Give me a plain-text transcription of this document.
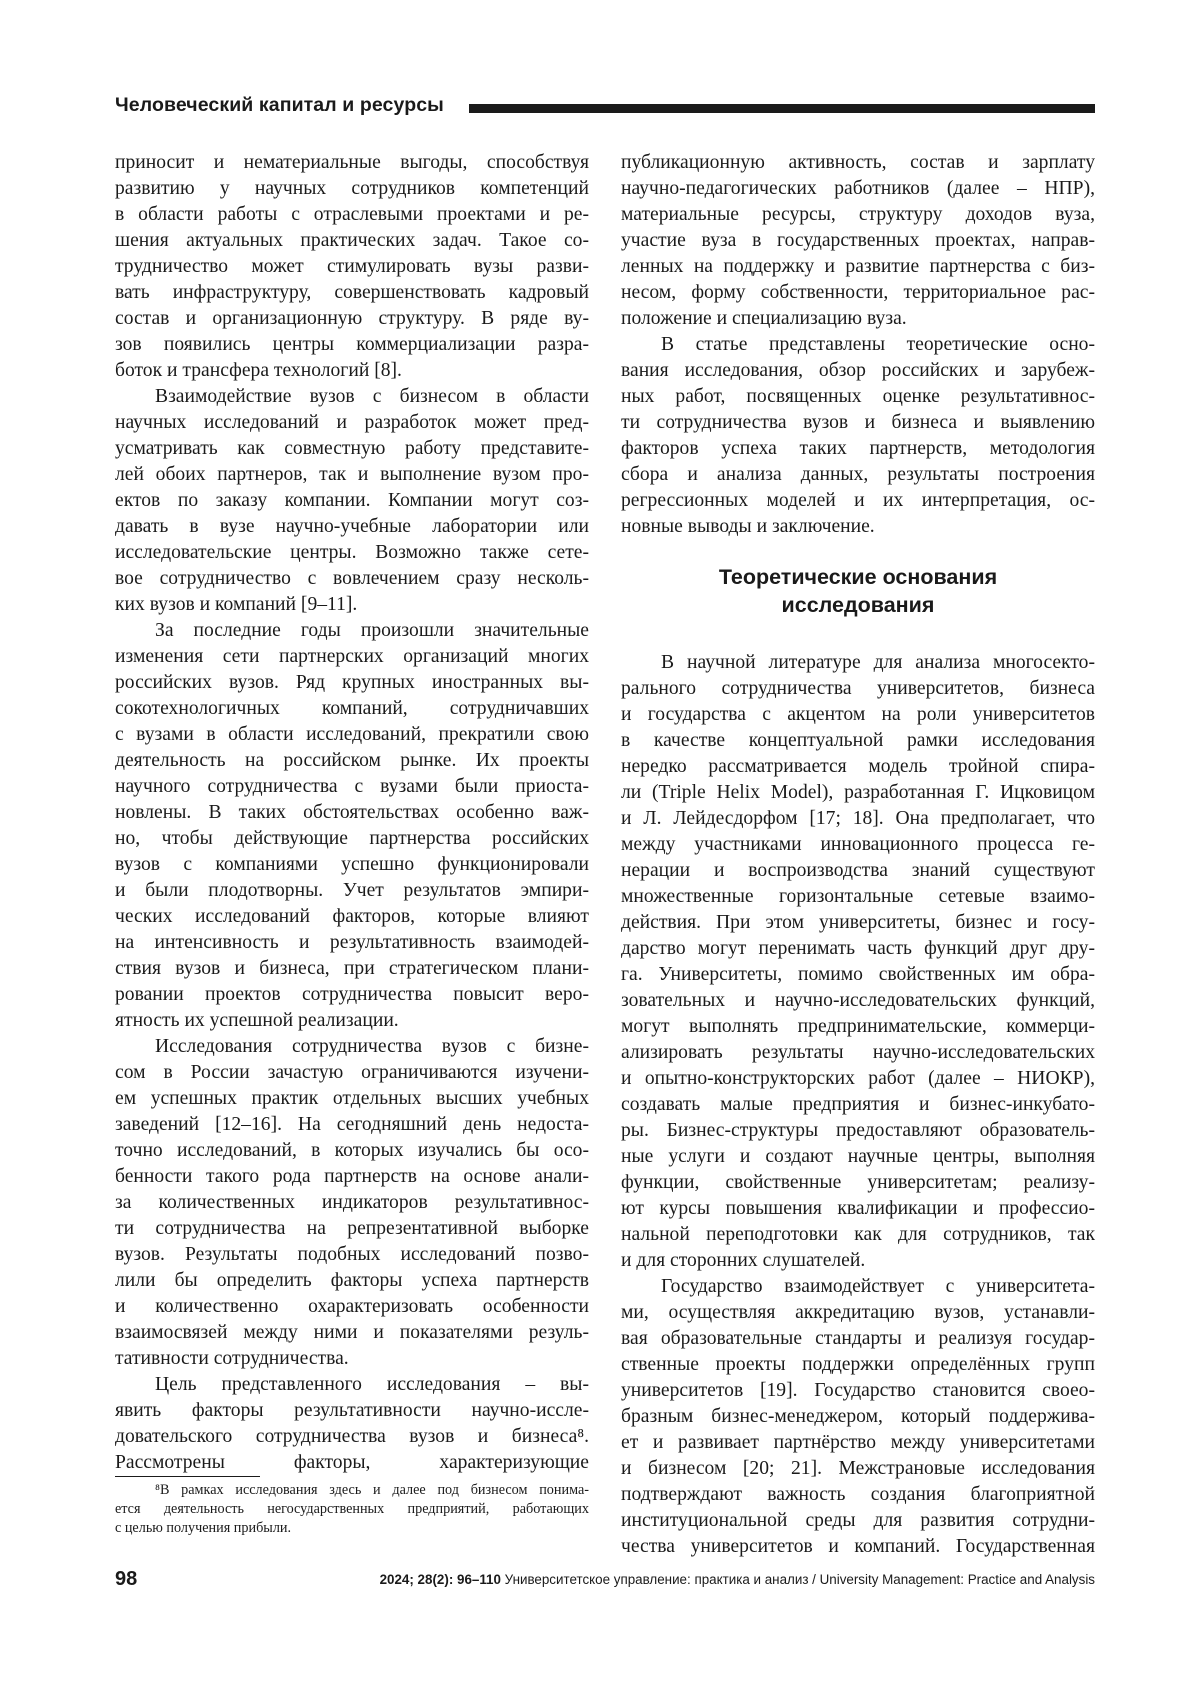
Человеческий капитал и ресурсы

приносит и нематериальные выгоды, способствуя
развитию у научных сотрудников компетенций
в области работы с отраслевыми проектами и ре-
шения актуальных практических задач. Такое со-
трудничество может стимулировать вузы разви-
вать инфраструктуру, совершенствовать кадровый
состав и организационную структуру. В ряде ву-
зов появились центры коммерциализации разра-
боток и трансфера технологий [8].

Взаимодействие вузов с бизнесом в области
научных исследований и разработок может пред-
усматривать как совместную работу представите-
лей обоих партнеров, так и выполнение вузом про-
ектов по заказу компании. Компании могут соз-
давать в вузе научно-учебные лаборатории или
исследовательские центры. Возможно также сете-
вое сотрудничество с вовлечением сразу несколь-
ких вузов и компаний [9–11].

За последние годы произошли значительные
изменения сети партнерских организаций многих
российских вузов. Ряд крупных иностранных вы-
сокотехнологичных компаний, сотрудничавших
с вузами в области исследований, прекратили свою
деятельность на российском рынке. Их проекты
научного сотрудничества с вузами были приоста-
новлены. В таких обстоятельствах особенно важ-
но, чтобы действующие партнерства российских
вузов с компаниями успешно функционировали
и были плодотворны. Учет результатов эмпири-
ческих исследований факторов, которые влияют
на интенсивность и результативность взаимодей-
ствия вузов и бизнеса, при стратегическом плани-
ровании проектов сотрудничества повысит веро-
ятность их успешной реализации.

Исследования сотрудничества вузов с бизне-
сом в России зачастую ограничиваются изучени-
ем успешных практик отдельных высших учебных
заведений [12–16]. На сегодняшний день недоста-
точно исследований, в которых изучались бы осо-
бенности такого рода партнерств на основе анали-
за количественных индикаторов результативнос-
ти сотрудничества на репрезентативной выборке
вузов. Результаты подобных исследований позво-
лили бы определить факторы успеха партнерств
и количественно охарактеризовать особенности
взаимосвязей между ними и показателями резуль-
тативности сотрудничества.

Цель представленного исследования – вы-
явить факторы результативности научно-иссле-
довательского сотрудничества вузов и бизнеса⁸.
Рассмотрены факторы, характеризующие

публикационную активность, состав и зарплату
научно-педагогических работников (далее – НПР),
материальные ресурсы, структуру доходов вуза,
участие вуза в государственных проектах, направ-
ленных на поддержку и развитие партнерства с биз-
несом, форму собственности, территориальное рас-
положение и специализацию вуза.

В статье представлены теоретические осно-
вания исследования, обзор российских и зарубеж-
ных работ, посвященных оценке результативнос-
ти сотрудничества вузов и бизнеса и выявлению
факторов успеха таких партнерств, методология
сбора и анализа данных, результаты построения
регрессионных моделей и их интерпретация, ос-
новные выводы и заключение.

Теоретические основания
исследования

В научной литературе для анализа многосекто-
рального сотрудничества университетов, бизнеса
и государства с акцентом на роли университетов
в качестве концептуальной рамки исследования
нередко рассматривается модель тройной спира-
ли (Triple Helix Model), разработанная Г. Ицковицом
и Л. Лейдесдорфом [17; 18]. Она предполагает, что
между участниками инновационного процесса ге-
нерации и воспроизводства знаний существуют
множественные горизонтальные сетевые взаимо-
действия. При этом университеты, бизнес и госу-
дарство могут перенимать часть функций друг дру-
га. Университеты, помимо свойственных им обра-
зовательных и научно-исследовательских функций,
могут выполнять предпринимательские, коммерци-
ализировать результаты научно-исследовательских
и опытно-конструкторских работ (далее – НИОКР),
создавать малые предприятия и бизнес-инкубато-
ры. Бизнес-структуры предоставляют образователь-
ные услуги и создают научные центры, выполняя
функции, свойственные университетам; реализу-
ют курсы повышения квалификации и профессио-
нальной переподготовки как для сотрудников, так
и для сторонних слушателей.

Государство взаимодействует с университета-
ми, осуществляя аккредитацию вузов, устанавли-
вая образовательные стандарты и реализуя государ-
ственные проекты поддержки определённых групп
университетов [19]. Государство становится своео-
бразным бизнес-менеджером, который поддержива-
ет и развивает партнёрство между университетами
и бизнесом [20; 21]. Межстрановые исследования
подтверждают важность создания благоприятной
институциональной среды для развития сотрудни-
чества университетов и компаний. Государственная

⁸В рамках исследования здесь и далее под бизнесом понима-
ется деятельность негосударственных предприятий, работающих
с целью получения прибыли.
98	2024; 28(2): 96–110 Университетское управление: практика и анализ / University Management: Practice and Analysis
